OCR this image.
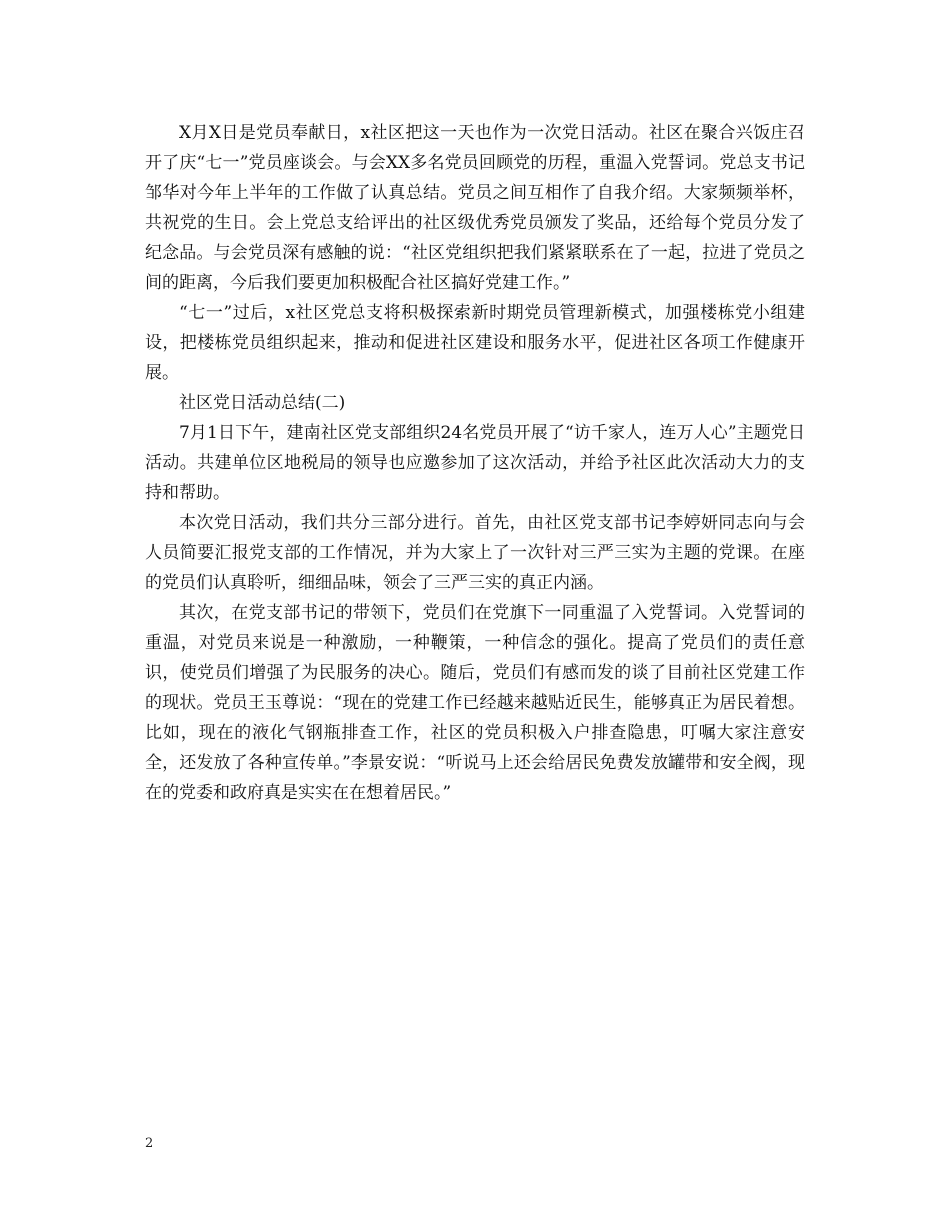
X月X日是党员奉献日，x社区把这一天也作为一次党日活动。社区在聚合兴饭庄召开了庆“七一”党员座谈会。与会XX多名党员回顾党的历程，重温入党誓词。党总支书记邹华对今年上半年的工作做了认真总结。党员之间互相作了自我介绍。大家频频举杯，共祝党的生日。会上党总支给评出的社区级优秀党员颁发了奖品，还给每个党员分发了纪念品。与会党员深有感触的说：“社区党组织把我们紧紧联系在了一起，拉进了党员之间的距离，今后我们要更加积极配合社区搞好党建工作。”

“七一”过后，x社区党总支将积极探索新时期党员管理新模式，加强楼栋党小组建设，把楼栋党员组织起来，推动和促进社区建设和服务水平，促进社区各项工作健康开展。

社区党日活动总结(二)

7月1日下午，建南社区党支部组织24名党员开展了“访千家人，连万人心”主题党日活动。共建单位区地税局的领导也应邀参加了这次活动，并给予社区此次活动大力的支持和帮助。

本次党日活动，我们共分三部分进行。首先，由社区党支部书记李婷妍同志向与会人员简要汇报党支部的工作情况，并为大家上了一次针对三严三实为主题的党课。在座的党员们认真聆听，细细品味，领会了三严三实的真正内涵。

其次，在党支部书记的带领下，党员们在党旗下一同重温了入党誓词。入党誓词的重温，对党员来说是一种激励，一种鞭策，一种信念的强化。提高了党员们的责任意识，使党员们增强了为民服务的决心。随后，党员们有感而发的谈了目前社区党建工作的现状。党员王玉尊说：“现在的党建工作已经越来越贴近民生，能够真正为居民着想。比如，现在的液化气钢瓶排查工作，社区的党员积极入户排查隐患，叮嘱大家注意安全，还发放了各种宣传单。”李景安说：“听说马上还会给居民免费发放罐带和安全阀，现在的党委和政府真是实实在在想着居民。”

2
